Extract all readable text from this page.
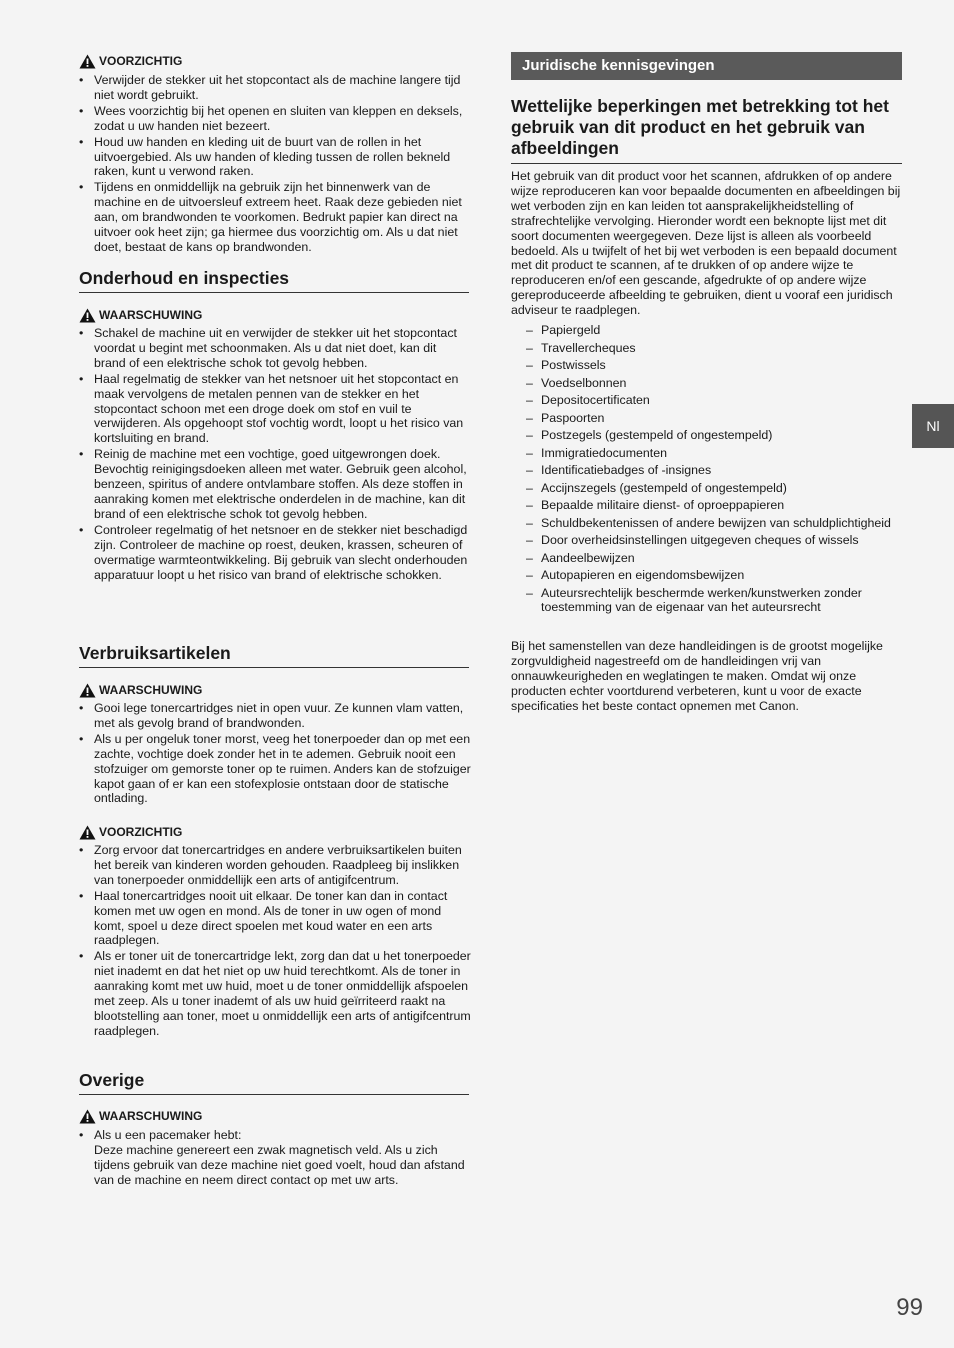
VOORZICHTIG
• Verwijder de stekker uit het stopcontact als de machine langere tijd niet wordt gebruikt.
• Wees voorzichtig bij het openen en sluiten van kleppen en deksels, zodat u uw handen niet bezeert.
• Houd uw handen en kleding uit de buurt van de rollen in het uitvoergebied. Als uw handen of kleding tussen de rollen bekneld raken, kunt u verwond raken.
• Tijdens en onmiddellijk na gebruik zijn het binnenwerk van de machine en de uitvoersleuf extreem heet. Raak deze gebieden niet aan, om brandwonden te voorkomen. Bedrukt papier kan direct na uitvoer ook heet zijn; ga hiermee dus voorzichtig om. Als u dat niet doet, bestaat de kans op brandwonden.
Onderhoud en inspecties
WAARSCHUWING
• Schakel de machine uit en verwijder de stekker uit het stopcontact voordat u begint met schoonmaken. Als u dat niet doet, kan dit brand of een elektrische schok tot gevolg hebben.
• Haal regelmatig de stekker van het netsnoer uit het stopcontact en maak vervolgens de metalen pennen van de stekker en het stopcontact schoon met een droge doek om stof en vuil te verwijderen. Als opgehoopt stof vochtig wordt, loopt u het risico van kortsluiting en brand.
• Reinig de machine met een vochtige, goed uitgewrongen doek. Bevochtig reinigingsdoeken alleen met water. Gebruik geen alcohol, benzeen, spiritus of andere ontvlambare stoffen. Als deze stoffen in aanraking komen met elektrische onderdelen in de machine, kan dit brand of een elektrische schok tot gevolg hebben.
• Controleer regelmatig of het netsnoer en de stekker niet beschadigd zijn. Controleer de machine op roest, deuken, krassen, scheuren of overmatige warmteontwikkeling. Bij gebruik van slecht onderhouden apparatuur loopt u het risico van brand of elektrische schokken.
Verbruiksartikelen
WAARSCHUWING
• Gooi lege tonercartridges niet in open vuur. Ze kunnen vlam vatten, met als gevolg brand of brandwonden.
• Als u per ongeluk toner morst, veeg het tonerpoeder dan op met een zachte, vochtige doek zonder het in te ademen. Gebruik nooit een stofzuiger om gemorste toner op te ruimen. Anders kan de stofzuiger kapot gaan of er kan een stofexplosie ontstaan door de statische ontlading.
VOORZICHTIG
• Zorg ervoor dat tonercartridges en andere verbruiksartikelen buiten het bereik van kinderen worden gehouden. Raadpleeg bij inslikken van tonerpoeder onmiddellijk een arts of antigifcentrum.
• Haal tonercartridges nooit uit elkaar. De toner kan dan in contact komen met uw ogen en mond. Als de toner in uw ogen of mond komt, spoel u deze direct spoelen met koud water en een arts raadplegen.
• Als er toner uit de tonercartridge lekt, zorg dan dat u het tonerpoeder niet inademt en dat het niet op uw huid terechtkomt. Als de toner in aanraking komt met uw huid, moet u de toner onmiddellijk afspoelen met zeep. Als u toner inademt of als uw huid geïrriteerd raakt na blootstelling aan toner, moet u onmiddellijk een arts of antigifcentrum raadplegen.
Overige
WAARSCHUWING
• Als u een pacemaker hebt:
Deze machine genereert een zwak magnetisch veld. Als u zich tijdens gebruik van deze machine niet goed voelt, houd dan afstand van de machine en neem direct contact op met uw arts.
Juridische kennisgevingen
Wettelijke beperkingen met betrekking tot het gebruik van dit product en het gebruik van afbeeldingen

Het gebruik van dit product voor het scannen, afdrukken of op andere wijze reproduceren kan voor bepaalde documenten en afbeeldingen bij wet verboden zijn en kan leiden tot aansprakelijkheidstelling of strafrechtelijke vervolging. Hieronder wordt een beknopte lijst met dit soort documenten weergegeven. Deze lijst is alleen als voorbeeld bedoeld. Als u twijfelt of het bij wet verboden is een bepaald document met dit product te scannen, af te drukken of op andere wijze te reproduceren en/of een gescande, afgedrukte of op andere wijze gereproduceerde afbeelding te gebruiken, dient u vooraf een juridisch adviseur te raadplegen.

– Papiergeld
– Travellercheques
– Postwissels
– Voedselbonnen
– Depositocertificaten
– Paspoorten
– Postzegels (gestempeld of ongestempeld)
– Immigratiedocumenten
– Identificatiebadges of -insignes
– Accijnszegels (gestempeld of ongestempeld)
– Bepaalde militaire dienst- of oproeppapieren
– Schuldbekentenissen of andere bewijzen van schuldplichtigheid
– Door overheidsinstellingen uitgegeven cheques of wissels
– Aandeelbewijzen
– Autopapieren en eigendomsbewijzen
– Auteursrechtelijk beschermde werken/kunstwerken zonder toestemming van de eigenaar van het auteursrecht

Bij het samenstellen van deze handleidingen is de grootst mogelijke zorgvuldigheid nagestreefd om de handleidingen vrij van onnauwkeurigheden en weglatingen te maken. Omdat wij onze producten echter voortdurend verbeteren, kunt u voor de exacte specificaties het beste contact opnemen met Canon.

Nl
99
